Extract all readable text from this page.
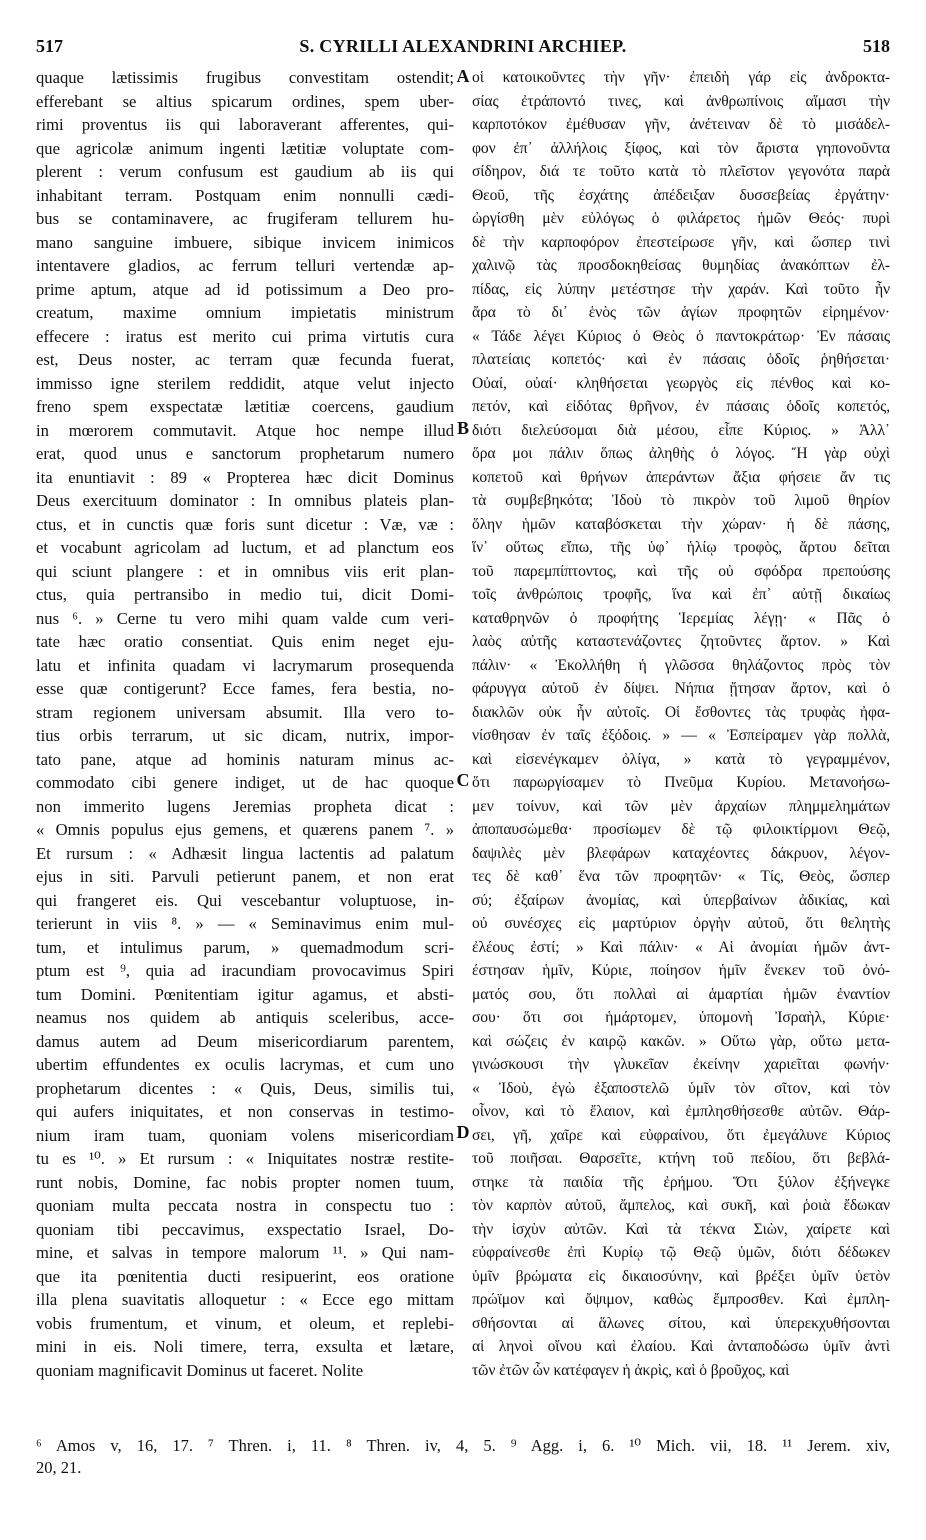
S. CYRILLI ALEXANDRINI ARCHIEP.
517	518
quaque lætissimis frugibus convestitam ostendit;
efferebant se altius spicarum ordines, spem uber-
rimi proventus iis qui laboraverant afferentes, qui-
que agricolæ animum ingenti lætitiæ voluptate com-
plerent : verum confusum est gaudium ab iis qui
inhabitant terram. Postquam enim nonnulli cædi-
bus se contaminavere, ac frugiferam tellurem hu-
mano sanguine imbuere, sibique invicem inimicos
intentavere gladios, ac ferrum telluri vertendæ ap-
prime aptum, atque ad id potissimum a Deo pro-
creatum, maxime omnium impietatis ministrum
effecere : iratus est merito cui prima virtutis cura
est, Deus noster, ac terram quæ fecunda fuerat,
immisso igne sterilem reddidit, atque velut injecto
freno spem exspectatæ lætitiæ coercens, gaudium
in mœrorem commutavit. Atque hoc nempe illud
erat, quod unus e sanctorum prophetarum numero
ita enuntiavit : 89 « Propterea hæc dicit Dominus
Deus exercituum dominator : In omnibus plateis plan-
ctus, et in cunctis quæ foris sunt dicetur : Væ, væ :
et vocabunt agricolam ad luctum, et ad planctum eos
qui sciunt plangere : et in omnibus viis erit plan-
ctus, quia pertransibo in medio tui, dicit Domi-
nus ⁶. » Cerne tu vero mihi quam valde cum veri-
tate hæc oratio consentiat. Quis enim neget eju-
latu et infinita quadam vi lacrymarum prosequenda
esse quæ contigerunt? Ecce fames, fera bestia, no-
stram regionem universam absumit. Illa vero to-
tius orbis terrarum, ut sic dicam, nutrix, impor-
tato pane, atque ad hominis naturam minus ac-
commodato cibi genere indiget, ut de hac quoque
non immerito lugens Jeremias propheta dicat :
« Omnis populus ejus gemens, et quærens panem ⁷. »
Et rursum : « Adhæsit lingua lactentis ad palatum
ejus in siti. Parvuli petierunt panem, et non erat
qui frangeret eis. Qui vescebantur voluptuose, in-
terierunt in viis ⁸. » — « Seminavimus enim mul-
tum, et intulimus parum, » quemadmodum scri-
ptum est ⁹, quia ad iracundiam provocavimus Spiri
tum Domini. Pœnitentiam igitur agamus, et absti-
neamus nos quidem ab antiquis sceleribus, acce-
damus autem ad Deum misericordiarum parentem,
ubertim effundentes ex oculis lacrymas, et cum uno
prophetarum dicentes : « Quis, Deus, similis tui,
qui aufers iniquitates, et non conservas in testimo-
nium iram tuam, quoniam volens misericordiam
tu es ¹⁰. » Et rursum : « Iniquitates nostræ restite-
runt nobis, Domine, fac nobis propter nomen tuum,
quoniam multa peccata nostra in conspectu tuo :
quoniam tibi peccavimus, exspectatio Israel, Do-
mine, et salvas in tempore malorum ¹¹. » Qui nam-
que ita pœnitentia ducti resipuerint, eos oratione
illa plena suavitatis alloquetur : « Ecce ego mittam
vobis frumentum, et vinum, et oleum, et replebi-
mini in eis. Noli timere, terra, exsulta et lætare,
quoniam magnificavit Dominus ut faceret. Nolite
οἱ κατοικοῦντες τὴν γῆν· ἐπειδὴ γάρ εἰς ἀνδροκτα-
σίας ἐτράποντό τινες, καὶ ἀνθρωπίνοις αἵμασι τὴν
καρποτόκον ἐμέθυσαν γῆν, ἀνέτειναν δὲ τὸ μισάδελ-
φον ἐπ᾽ ἀλλήλοις ξίφος, καὶ τὸν ἄριστα γηπονοῦντα
σίδηρον, διά τε τοῦτο κατὰ τὸ πλεῖστον γεγονότα παρὰ
Θεοῦ, τῆς ἐσχάτης ἀπέδειξαν δυσσεβείας ἐργάτην·
ὠργίσθη μὲν εὐλόγως ὁ φιλάρετος ἡμῶν Θεός· πυρὶ
δὲ τὴν καρποφόρον ἐπεστείρωσε γῆν, καὶ ὥσπερ τινὶ
χαλινῷ τὰς προσδοκηθείσας θυμηδίας ἀνακόπτων ἐλ-
πίδας, εἰς λύπην μετέστησε τὴν χαράν. Καὶ τοῦτο ἦν
ἄρα τὸ δι᾽ ἑνὸς τῶν ἁγίων προφητῶν εἰρημένον·
« Τάδε λέγει Κύριος ὁ Θεὸς ὁ παντοκράτωρ· Ἐν πάσαις
πλατείαις κοπετός· καὶ ἐν πάσαις ὁδοῖς ῥηθήσεται·
Οὐαί, οὐαί· κληθήσεται γεωργὸς εἰς πένθος καὶ κο-
πετόν, καὶ εἰδότας θρῆνον, ἐν πάσαις ὁδοῖς κοπετός,
διότι διελεύσομαι διὰ μέσου, εἶπε Κύριος. » Ἀλλ᾽
ὅρα μοι πάλιν ὅπως ἀληθὴς ὁ λόγος. Ἤ γὰρ οὐχὶ
κοπετοῦ καὶ θρήνων ἀπεράντων ἄξια φήσειε ἄν τις
τὰ συμβεβηκότα; Ἰδοὺ τὸ πικρὸν τοῦ λιμοῦ θηρίον
ὅλην ἡμῶν καταβόσκεται τὴν χώραν· ἡ δὲ πάσης,
ἵν᾽ οὕτως εἴπω, τῆς ὑφ᾽ ἡλίῳ τροφὸς, ἄρτου δεῖται
τοῦ παρεμπίπτοντος, καὶ τῆς οὐ σφόδρα πρεπούσης
τοῖς ἀνθρώποις τροφῆς, ἵνα καὶ ἐπ᾽ αὐτῇ δικαίως
καταθρηνῶν ὁ προφήτης Ἱερεμίας λέγῃ· « Πᾶς ὁ
λαὸς αὐτῆς καταστενάζοντες ζητοῦντες ἄρτον. » Καὶ
πάλιν· « Ἐκολλήθη ἡ γλῶσσα θηλάζοντος πρὸς τὸν
φάρυγγα αὐτοῦ ἐν δίψει. Νήπια ᾔτησαν ἄρτον, καὶ ὁ
διακλῶν οὐκ ἦν αὐτοῖς. Οἱ ἔσθοντες τὰς τρυφὰς ἠφα-
νίσθησαν ἐν ταῖς ἐξόδοις. » — « Ἐσπείραμεν γὰρ πολλὰ,
καὶ εἰσενέγκαμεν ὀλίγα, » κατὰ τὸ γεγραμμένον,
ὅτι παρωργίσαμεν τὸ Πνεῦμα Κυρίου. Μετανοήσω-
μεν τοίνυν, καὶ τῶν μὲν ἀρχαίων πλημμελημάτων
ἀποπαυσώμεθα· προσίωμεν δὲ τῷ φιλοικτίρμονι Θεῷ,
δαψιλὲς μὲν βλεφάρων καταχέοντες δάκρυον, λέγον-
τες δὲ καθ᾽ ἕνα τῶν προφητῶν· « Τίς, Θεὸς, ὥσπερ
σύ; ἐξαίρων ἀνομίας, καὶ ὑπερβαίνων ἀδικίας, καὶ
οὐ συνέσχες εἰς μαρτύριον ὀργὴν αὐτοῦ, ὅτι θελητὴς
ἐλέους ἐστί; » Καὶ πάλιν· « Αἱ ἀνομίαι ἡμῶν ἀντ-
έστησαν ἡμῖν, Κύριε, ποίησον ἡμῖν ἕνεκεν τοῦ ὀνό-
ματός σου, ὅτι πολλαὶ αἱ ἁμαρτίαι ἡμῶν ἐναντίον
σου· ὅτι σοι ἡμάρτομεν, ὑπομονὴ Ἰσραὴλ, Κύριε·
καὶ σώζεις ἐν καιρῷ κακῶν. » Οὕτω γὰρ, οὕτω μετα-
γινώσκουσι τὴν γλυκεῖαν ἐκείνην χαριεῖται φωνήν·
« Ἰδοὺ, ἐγὼ ἐξαποστελῶ ὑμῖν τὸν σῖτον, καὶ τὸν
οἶνον, καὶ τὸ ἔλαιον, καὶ ἐμπλησθήσεσθε αὐτῶν. Θάρ-
σει, γῆ, χαῖρε καὶ εὐφραίνου, ὅτι ἐμεγάλυνε Κύριος
τοῦ ποιῆσαι. Θαρσεῖτε, κτήνη τοῦ πεδίου, ὅτι βεβλά-
στηκε τὰ παιδία τῆς ἐρήμου. Ὅτι ξύλον ἐξήνεγκε
τὸν καρπὸν αὐτοῦ, ἄμπελος, καὶ συκῆ, καὶ ῥοιὰ ἔδωκαν
τὴν ἰσχὺν αὐτῶν. Καὶ τὰ τέκνα Σιὼν, χαίρετε καὶ
εὐφραίνεσθε ἐπὶ Κυρίῳ τῷ Θεῷ ὑμῶν, διότι δέδωκεν
ὑμῖν βρώματα εἰς δικαιοσύνην, καὶ βρέξει ὑμῖν ὑετὸν
πρώϊμον καὶ ὄψιμον, καθὼς ἔμπροσθεν. Καὶ ἐμπλη-
σθήσονται αἱ ἅλωνες σίτου, καὶ ὑπερεκχυθήσονται
αἱ ληνοὶ οἴνου καὶ ἐλαίου. Καὶ ἀνταποδώσω ὑμῖν ἀντὶ
τῶν ἐτῶν ὧν κατέφαγεν ἡ ἀκρὶς, καὶ ὁ βροῦχος, καὶ
A
B
C
D
⁶ Amos v, 16, 17. ⁷ Thren. i, 11. ⁸ Thren. iv, 4, 5. ⁹ Agg. i, 6. ¹⁰ Mich. vii, 18. ¹¹ Jerem. xiv,
20, 21.
